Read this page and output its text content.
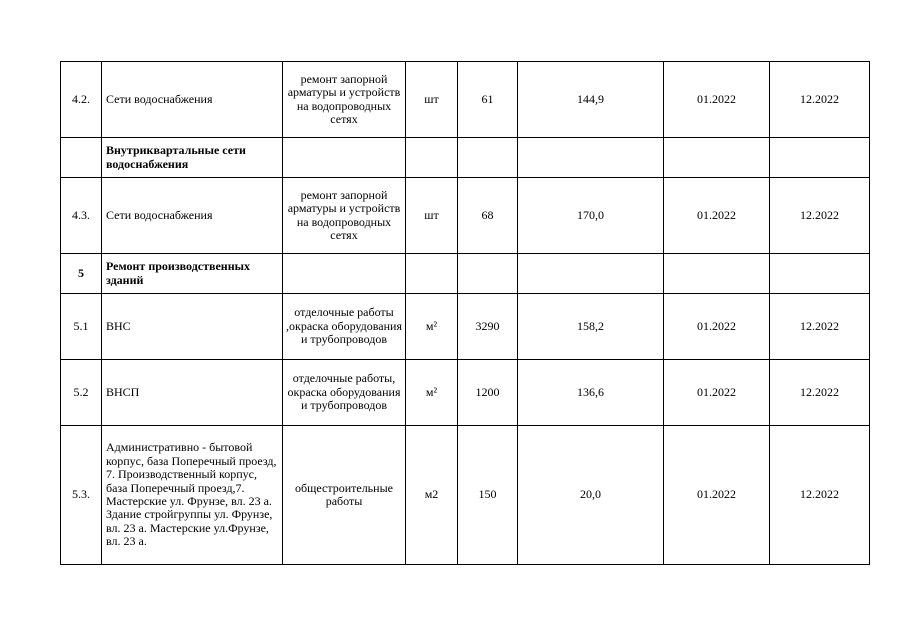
4.2.	Сети водоснабжения	ремонт запорной арматуры и устройств на водопроводных сетях	шт	61	144,9	01.2022	12.2022
	Внутриквартальные сети водоснабжения						
4.3.	Сети водоснабжения	ремонт запорной арматуры и устройств на водопроводных сетях	шт	68	170,0	01.2022	12.2022
5	Ремонт производственных зданий						
5.1	ВНС	отделочные работы ,окраска оборудования и трубопроводов	м²	3290	158,2	01.2022	12.2022
5.2	ВНСП	отделочные работы, окраска оборудования и трубопроводов	м²	1200	136,6	01.2022	12.2022
5.3.	Административно - бытовой корпус, база Поперечный проезд, 7. Производственный корпус, база Поперечный проезд,7. Мастерские ул. Фрунзе, вл. 23 а. Здание стройгруппы ул. Фрунзе, вл. 23 а. Мастерские ул.Фрунзе, вл. 23 а.	общестроительные работы	м2	150	20,0	01.2022	12.2022
